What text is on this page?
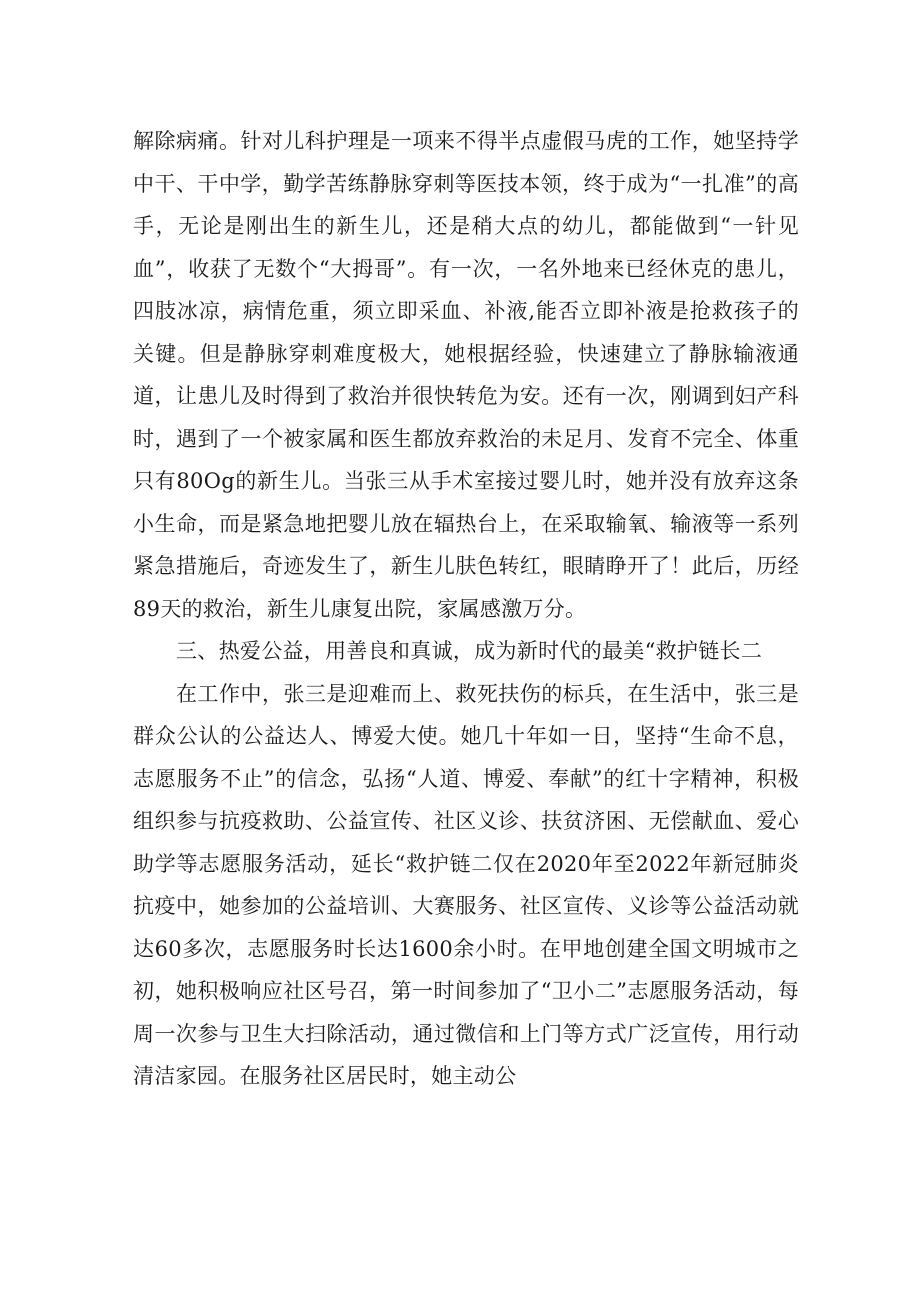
解除病痛。针对儿科护理是一项来不得半点虚假马虎的工作，她坚持学中干、干中学，勤学苦练静脉穿刺等医技本领，终于成为“一扎准”的高手，无论是刚出生的新生儿，还是稍大点的幼儿，都能做到“一针见血”，收获了无数个“大拇哥”。有一次，一名外地来已经休克的患儿，四肢冰凉，病情危重，须立即采血、补液,能否立即补液是抢救孩子的关键。但是静脉穿刺难度极大，她根据经验，快速建立了静脉输液通道，让患儿及时得到了救治并很快转危为安。还有一次，刚调到妇产科时，遇到了一个被家属和医生都放弃救治的未足月、发育不完全、体重只有80Og的新生儿。当张三从手术室接过婴儿时，她并没有放弃这条小生命，而是紧急地把婴儿放在辐热台上，在采取输氧、输液等一系列紧急措施后，奇迹发生了，新生儿肤色转红，眼睛睁开了！此后，历经89天的救治，新生儿康复出院，家属感激万分。

三、热爱公益，用善良和真诚，成为新时代的最美“救护链长二

在工作中，张三是迎难而上、救死扶伤的标兵，在生活中，张三是群众公认的公益达人、博爱大使。她几十年如一日，坚持“生命不息，志愿服务不止”的信念，弘扬“人道、博爱、奉献”的红十字精神，积极组织参与抗疫救助、公益宣传、社区义诊、扶贫济困、无偿献血、爱心助学等志愿服务活动，延长“救护链二仅在2020年至2022年新冠肺炎抗疫中，她参加的公益培训、大赛服务、社区宣传、义诊等公益活动就达60多次，志愿服务时长达1600余小时。在甲地创建全国文明城市之初，她积极响应社区号召，第一时间参加了“卫小二”志愿服务活动，每周一次参与卫生大扫除活动，通过微信和上门等方式广泛宣传，用行动清洁家园。在服务社区居民时，她主动公
